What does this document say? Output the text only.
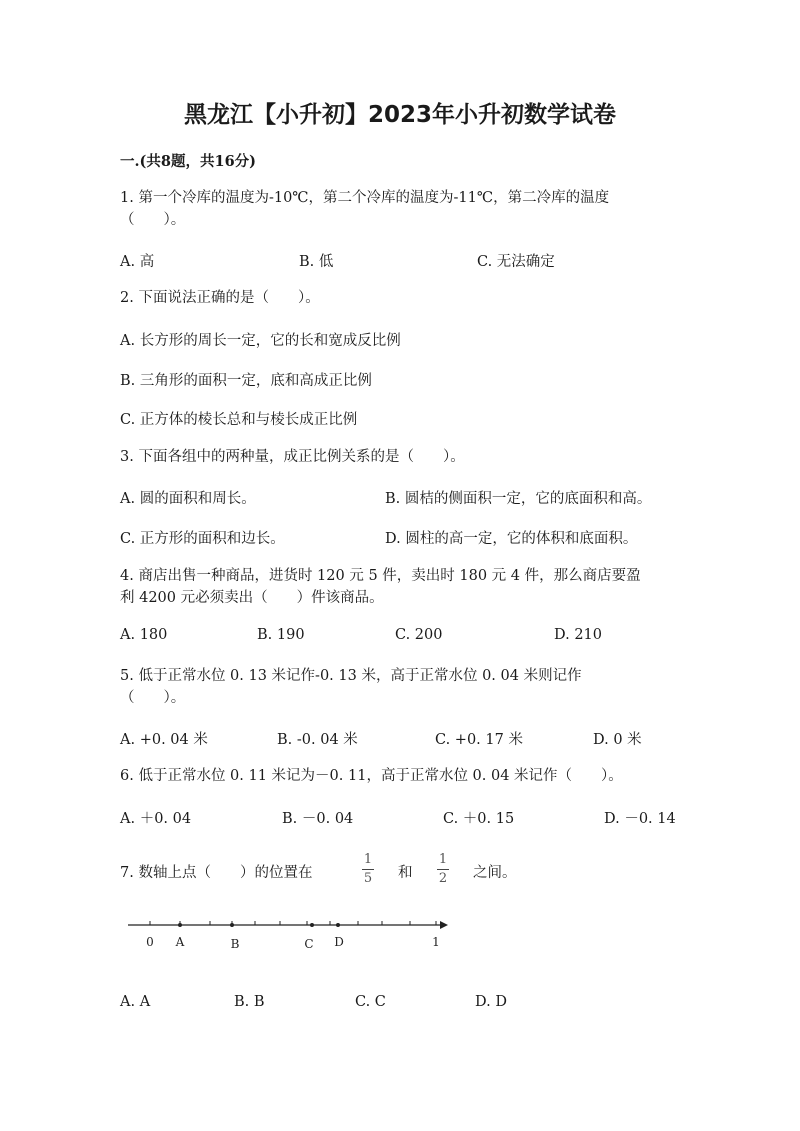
黑龙江【小升初】2023年小升初数学试卷
一.(共8题，共16分)

1. 第一个冷库的温度为-10℃，第二个冷库的温度为-11℃，第二冷库的温度

（　　）。

A. 高	B. 低	C. 无法确定

2. 下面说法正确的是（　　）。

A. 长方形的周长一定，它的长和宽成反比例
B. 三角形的面积一定，底和高成正比例
C. 正方体的棱长总和与棱长成正比例

3. 下面各组中的两种量，成正比例关系的是（　　）。

A. 圆的面积和周长。	B. 圆桔的侧面积一定，它的底面积和高。
C. 正方形的面积和边长。	D. 圆柱的高一定，它的体积和底面积。

4. 商店出售一种商品，进货时 120 元 5 件，卖出时 180 元 4 件，那么商店要盈

利 4200 元必须卖出（　　）件该商品。

A. 180	B. 190	C. 200	D. 210

5. 低于正常水位 0. 13 米记作-0. 13 米，高于正常水位 0. 04 米则记作

（　　）。

A. +0. 04 米	B. -0. 04 米	C. +0. 17 米	D. 0 米

6. 低于正常水位 0. 11 米记为－0. 11，高于正常水位 0. 04 米记作（　　）。

A. ＋0. 04	B. －0. 04	C. ＋0. 15	D. －0. 14
7. 数轴上点（　　）的位置在
1
5 和
1
2 之间。
0 A	B	C D	1
A. A	B. B	C. C	D. D
